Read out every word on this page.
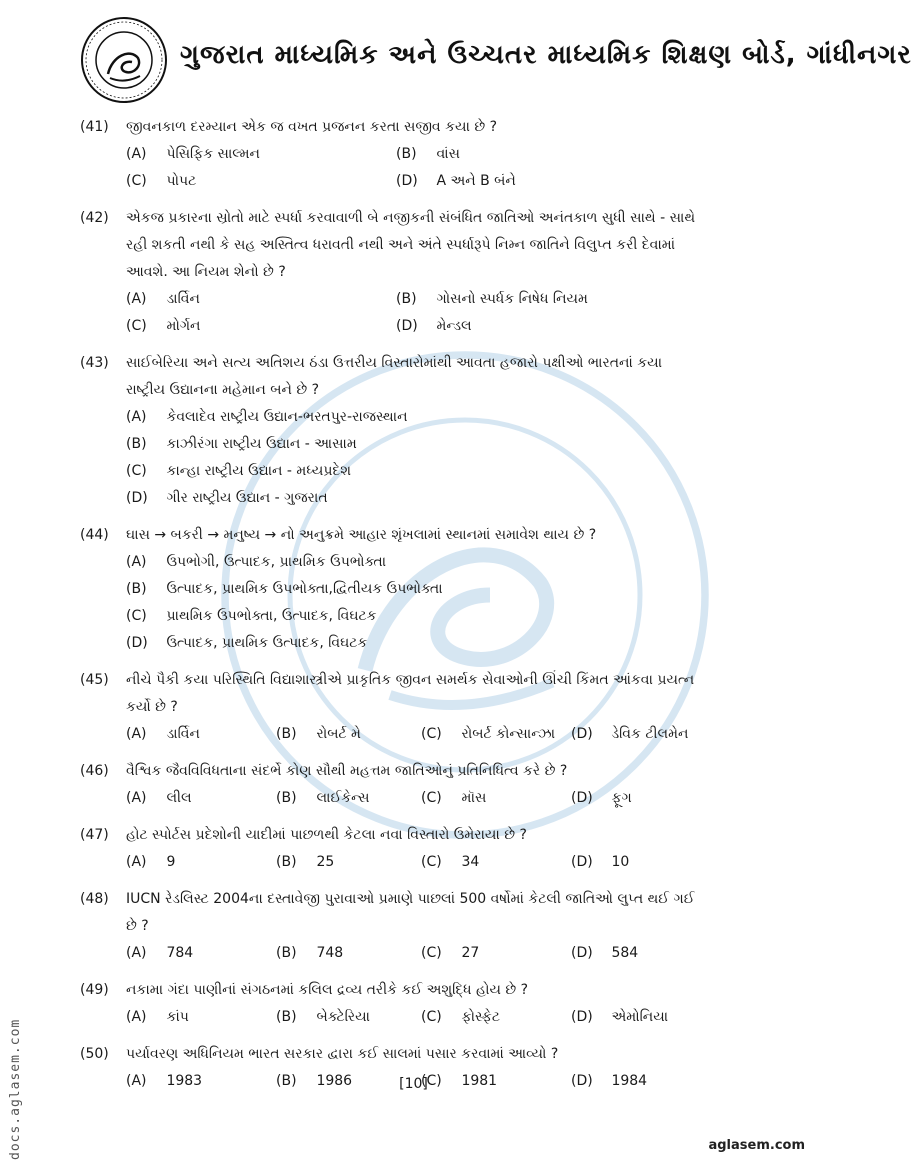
ગુજરાત માધ્યમિક અને ઉચ્ચતર માધ્યમિક શિક્ષણ બોર્ડ, ગાંધીનગર
(41)	જીવનકાળ દરમ્યાન એક જ વખત પ્રજનન કરતા સજીવ કયા છે ?
(A) પેસિફિક સાલ્મન	(B) વાંસ
(C) પોપટ	(D) A અને B બંને
(42)	એકજ પ્રકારના સ્રોતો માટે સ્પર્ધા કરવાવાળી બે નજીકની સંબંધિત જાતિઓ અનંતકાળ સુધી સાથે - સાથે રહી શકતી નથી કે સહ અસ્તિત્વ ધરાવતી નથી અને અંતે સ્પર્ધારૂપે નિમ્ન જાતિને વિલુપ્ત કરી દેવામાં આવશે. આ નિયમ શેનો છે ?
(A) ડાર્વિન	(B) ગોસનો સ્પર્ધક નિષેધ નિયમ
(C) મોર્ગન	(D) મેન્ડલ
(43)	સાઈબેરિયા અને સત્ય અતિશય ઠંડા ઉત્તરીય વિસ્તારોમાંથી આવતા હજારો પક્ષીઓ ભારતનાં કયા રાષ્ટ્રીય ઉદ્યાનના મહેમાન બને છે ?
(A) કેવલાદેવ રાષ્ટ્રીય ઉદ્યાન-ભરતપુર-રાજસ્થાન
(B) કાઝીરંગા રાષ્ટ્રીય ઉદ્યાન - આસામ
(C) કાન્હા રાષ્ટ્રીય ઉદ્યાન - મધ્યપ્રદેશ
(D) ગીર રાષ્ટ્રીય ઉદ્યાન - ગુજરાત
(44)	ઘાસ → બકરી → મનુષ્ય → નો અનુક્રમે આહાર શૃંખલામાં સ્થાનમાં સમાવેશ થાય છે ?
(A) ઉપભોગી, ઉત્પાદક, પ્રાથમિક ઉપભોક્તા
(B) ઉત્પાદક, પ્રાથમિક ઉપભોક્તા,દ્વિતીયક ઉપભોક્તા
(C) પ્રાથમિક ઉપભોક્તા, ઉત્પાદક, વિઘટક
(D) ઉત્પાદક, પ્રાથમિક ઉત્પાદક, વિઘટક
(45)	નીચે પૈકી કયા પરિસ્થિતિ વિદ્યાશાસ્ત્રીએ પ્રાકૃતિક જીવન સમર્થક સેવાઓની ઊંચી કિંમત આંકવા પ્રયત્ન કર્યો છે ?
(A) ડાર્વિન	(B) રોબર્ટ મે	(C) રોબર્ટ કોન્સાન્ઝા	(D) ડેવિક ટીલમેન
(46)	વૈશ્વિક જૈવવિવિધતાના સંદર્ભે કોણ સૌથી મહત્તમ જાતિઓનું પ્રતિનિધિત્વ કરે છે ?
(A) લીલ	(B) લાઈકેન્સ	(C) મૉસ	(D) ફૂગ
(47)	હોટ સ્પોર્ટસ પ્રદેશોની યાદીમાં પાછળથી કેટલા નવા વિસ્તારો ઉમેરાયા છે ?
(A) 9	(B) 25	(C) 34	(D) 10
(48)	IUCN રેડલિસ્ટ 2004ના દસ્તાવેજી પુરાવાઓ પ્રમાણે પાછલાં 500 વર્ષોમાં કેટલી જાતિઓ લુપ્ત થઈ ગઈ છે ?
(A) 784	(B) 748	(C) 27	(D) 584
(49)	નકામા ગંદા પાણીનાં સંગઠનમાં કલિલ દ્રવ્ય તરીકે કઈ અશુદ્ધિ હોય છે ?
(A) કાંપ	(B) બેક્ટેરિયા	(C) ફોસ્ફેટ	(D) એમોનિયા
(50)	પર્યાવરણ અધિનિયમ ભારત સરકાર દ્વારા કઈ સાલમાં પસાર કરવામાં આવ્યો ?
(A) 1983	(B) 1986	(C) 1981	(D) 1984
[10]
docs.aglasem.com	aglasem.com
